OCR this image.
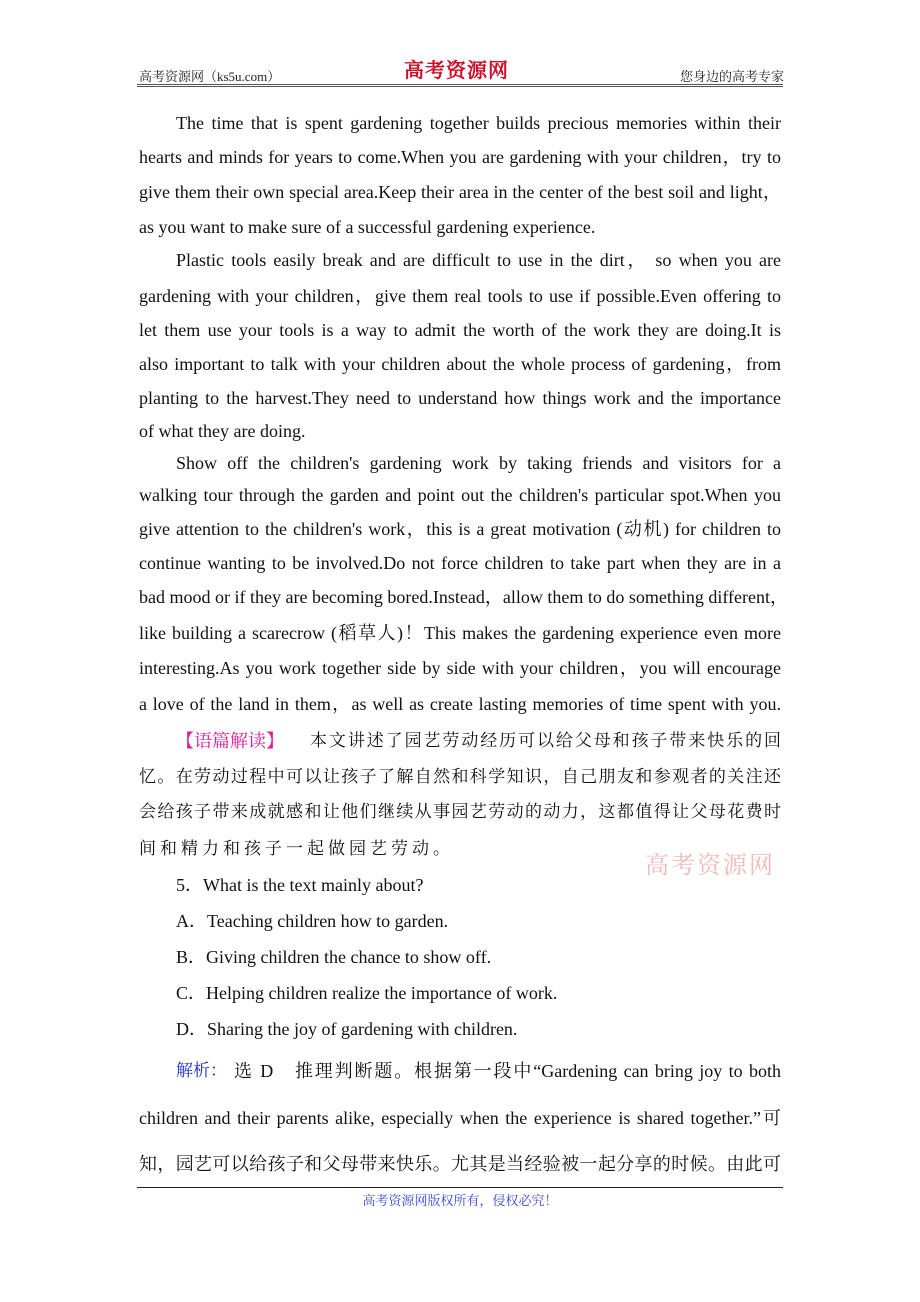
高考资源网（ks5u.com）	高考资源网	您身边的高考专家
The time that is spent gardening together builds precious memories within their
hearts and minds for years to come.When you are gardening with your children，try to
give them their own special area.Keep their area in the center of the best soil and light，
as you want to make sure of a successful gardening experience.
Plastic tools easily break and are difficult to use in the dirt， so when you are
gardening with your children，give them real tools to use if possible.Even offering to
let them use your tools is a way to admit the worth of the work they are doing.It is
also important to talk with your children about the whole process of gardening，from
planting to the harvest.They need to understand how things work and the importance
of what they are doing.
Show off the children's gardening work by taking friends and visitors for a
walking tour through the garden and point out the children's particular spot.When you
give attention to the children's work，this is a great motivation (动机) for children to
continue wanting to be involved.Do not force children to take part when they are in a
bad mood or if they are becoming bored.Instead，allow them to do something different，
like building a scarecrow (稻草人)！This makes the gardening experience even more
interesting.As you work together side by side with your children，you will encourage
a love of the land in them，as well as create lasting memories of time spent with you.
【语篇解读】 本文讲述了园艺劳动经历可以给父母和孩子带来快乐的回
忆。在劳动过程中可以让孩子了解自然和科学知识，自己朋友和参观者的关注还
会给孩子带来成就感和让他们继续从事园艺劳动的动力，这都值得让父母花费时
间和精力和孩子一起做园艺劳动。
高考资源网
5．What is the text mainly about?
A．Teaching children how to garden.
B．Giving children the chance to show off.
C．Helping children realize the importance of work.
D．Sharing the joy of gardening with children.
解析： 选 D　推理判断题。根据第一段中“Gardening can bring joy to both
children and their parents alike, especially when the experience is shared together.”可
知，园艺可以给孩子和父母带来快乐。尤其是当经验被一起分享的时候。由此可
高考资源网版权所有，侵权必究！
